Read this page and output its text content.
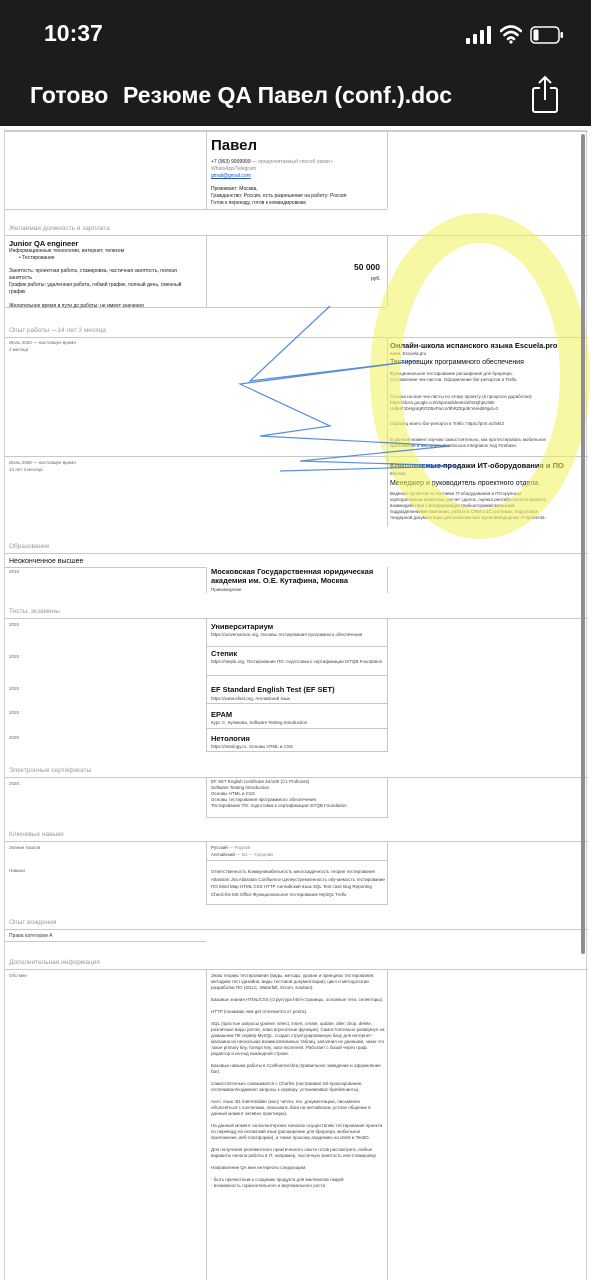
10:37
Готово Резюме QA Павел (conf.).doc
Павел
+7 (963) 9999999 — предпочитаемый способ связи •
WhatsApp/Telegram
gmail@gmail.com
Проживает: Москва,
Гражданство: Россия, есть разрешение на работу: Россия
Готов к переезду, готов к командировкам
Желаемая должность и зарплата
Junior QA engineer
Информационные технологии, интернет, телеком
• Тестирование
Занятость: проектная работа, стажировка, частичная занятость, полная занятость
График работы: удаленная работа, гибкий график, полный день, сменный график
Желательное время в пути до работы: не имеет значения
50 000
руб.
Опыт работы —14 лет 3 месяца
Июль 2020 — настоящее время
2 месяца	Онлайн-школа испанского языка Escuela.pro
Киев, Escuela.pro
Тестировщик программного обеспечения
Функциональное тестирование расширения для браузера.
Составление чек-листов. Оформление баг-репортов в Trello.
Ссылка на мои чек-листы по этому проекту (в процессе доработки):
https://docs.google.com/spreadsheets/d/16QhpUItiB-
UdkHFzbHgntqRGD5xPacuV8hRZEpdKYe/edit#gid=0
Образец моего баг-репорта в Trello: https://prnt.sc/tvl43
В данный момент изучаю самостоятельно, как протестировать мобильное
приложение и настроить Continuous Integration под Firebase.
Июнь 2006 — настоящее время
14 лет 3 месяца	Комплексные продажи ИТ-оборудования и ПО
Москва
Менеджер и руководитель проектного отдела
Ведение проектов по поставке IT-оборудования и ПО крупным
корпоративным клиентам, расчет сделок, оценка рентабельности проекта,
взаимодействие с вендорами/дистрибьюторами/смежными
подразделениями компании, работа в CRM и 1С системах, подготовка
тендерной документации для комплексных мультивендорных IT-проектов.
Образование
Неоконченное высшее
2015	Московская Государственная юридическая академия им. О.Е. Кутафина, Москва
Правоведение
Тесты, экзамены
2020	Университариум
https://universarium.org, Основы тестирования програмного обеспечения
2020	Степик
https://stepik.org, Тестирование ПО: подготовка к сертификации ISTQB Foundation
2020	EF Standard English Test (EF SET)
https://www.efset.org, Английский язык
2020	EPAM
Курс С. Куликова, Software Testing Introduction
2020	Нетология
https://netology.ru, Основы HTML и CSS
Электронные сертификаты
2020	EF SET English Certificate 64/100 (C1 Proficient)
Software Testing Introduction
Основы HTML и CSS
Основы тестирования программного обеспечения
Тестирование ПО: подготовка к сертификации ISTQB Foundation
Ключевые навыки
Знание языков	Русский — Родной
Английский — B1 — Средний
Навыки	Ответственность Коммуникабельность многозадачность теория тестирования Atlassian Jira Atlassian Confluence Целеустремленность обучаемость тестирование ПО Mind Map HTML CSS HTTP Английский язык SQL Test case Bug Reporting Check-list MS Office Функциональное тестирование MySQL Trello
Опыт вождения
Права категории A
Дополнительная информация
Обо мне	Знаю теорию тестирования (виды, методы, уровни и принципы тестирования, методики тест-дизайна, виды тестовой документации); цикл и методологии разработки ПО (SDLC, Waterfall, Scrum, Kanban).

Базовые знания HTML/CSS (структура html-страницы, основные теги, селекторы).

HTTP (понимаю,чем get отличается от post'а).

SQL (простые запросы уровня: select, insert, create, update, alter, drop, delete, различные виды join'ов, знаю агрегатные функции). Самостоятельно развернул на домашнем ПК сервер MySQL, создал структурированную базу для интернет-магазина из нескольких взаимосвязанных таблиц, заполнил их данными, знаю что такое primary key, foreign key, auto-increment. Работает с базой через граф. редактор и из-под командной строки.

Базовые навыки работы в Confluence/Jira (правильное заведение и оформление баг).

Самостоятельно ознакомился с Charles (настраивал ssl-проксирование, отслеживал/подменял запросы к серверу, устанавливал брейкпоинты).

Англ. язык: B1 intermediate (могу читать тех. документацию, письменно объясняться с коллегами, описывать баги на английском, устное общение в данный момент активно практикую).

На данный момент на волонтерских началах осуществляю тестирование проекта по переводу на испанский язык (расширение для браузера, мобильное приложение, веб-платформа), а также прохожу академию на Utest и TestIO.

Для получения релевантного практического опыта готов рассмотреть любые варианты начала работы в IT, например, частичную занятость или стажировку.

Направление QA мне интересно следующим:

- быть причастным к созданию продукта для миллионов людей

- возможность горизонтального и вертикального роста
